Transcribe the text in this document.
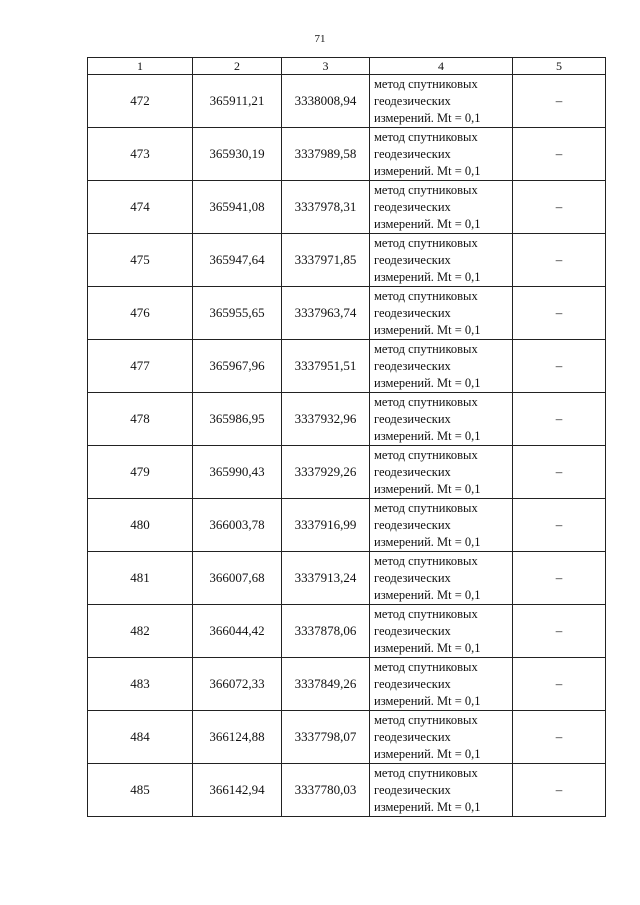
71
1	2	3	4	5
472	365911,21	3338008,94	метод спутниковых
геодезических
измерений. Mt = 0,1	–
473	365930,19	3337989,58	метод спутниковых
геодезических
измерений. Mt = 0,1	–
474	365941,08	3337978,31	метод спутниковых
геодезических
измерений. Mt = 0,1	–
475	365947,64	3337971,85	метод спутниковых
геодезических
измерений. Mt = 0,1	–
476	365955,65	3337963,74	метод спутниковых
геодезических
измерений. Mt = 0,1	–
477	365967,96	3337951,51	метод спутниковых
геодезических
измерений. Mt = 0,1	–
478	365986,95	3337932,96	метод спутниковых
геодезических
измерений. Mt = 0,1	–
479	365990,43	3337929,26	метод спутниковых
геодезических
измерений. Mt = 0,1	–
480	366003,78	3337916,99	метод спутниковых
геодезических
измерений. Mt = 0,1	–
481	366007,68	3337913,24	метод спутниковых
геодезических
измерений. Mt = 0,1	–
482	366044,42	3337878,06	метод спутниковых
геодезических
измерений. Mt = 0,1	–
483	366072,33	3337849,26	метод спутниковых
геодезических
измерений. Mt = 0,1	–
484	366124,88	3337798,07	метод спутниковых
геодезических
измерений. Mt = 0,1	–
485	366142,94	3337780,03	метод спутниковых
геодезических
измерений. Mt = 0,1	–
